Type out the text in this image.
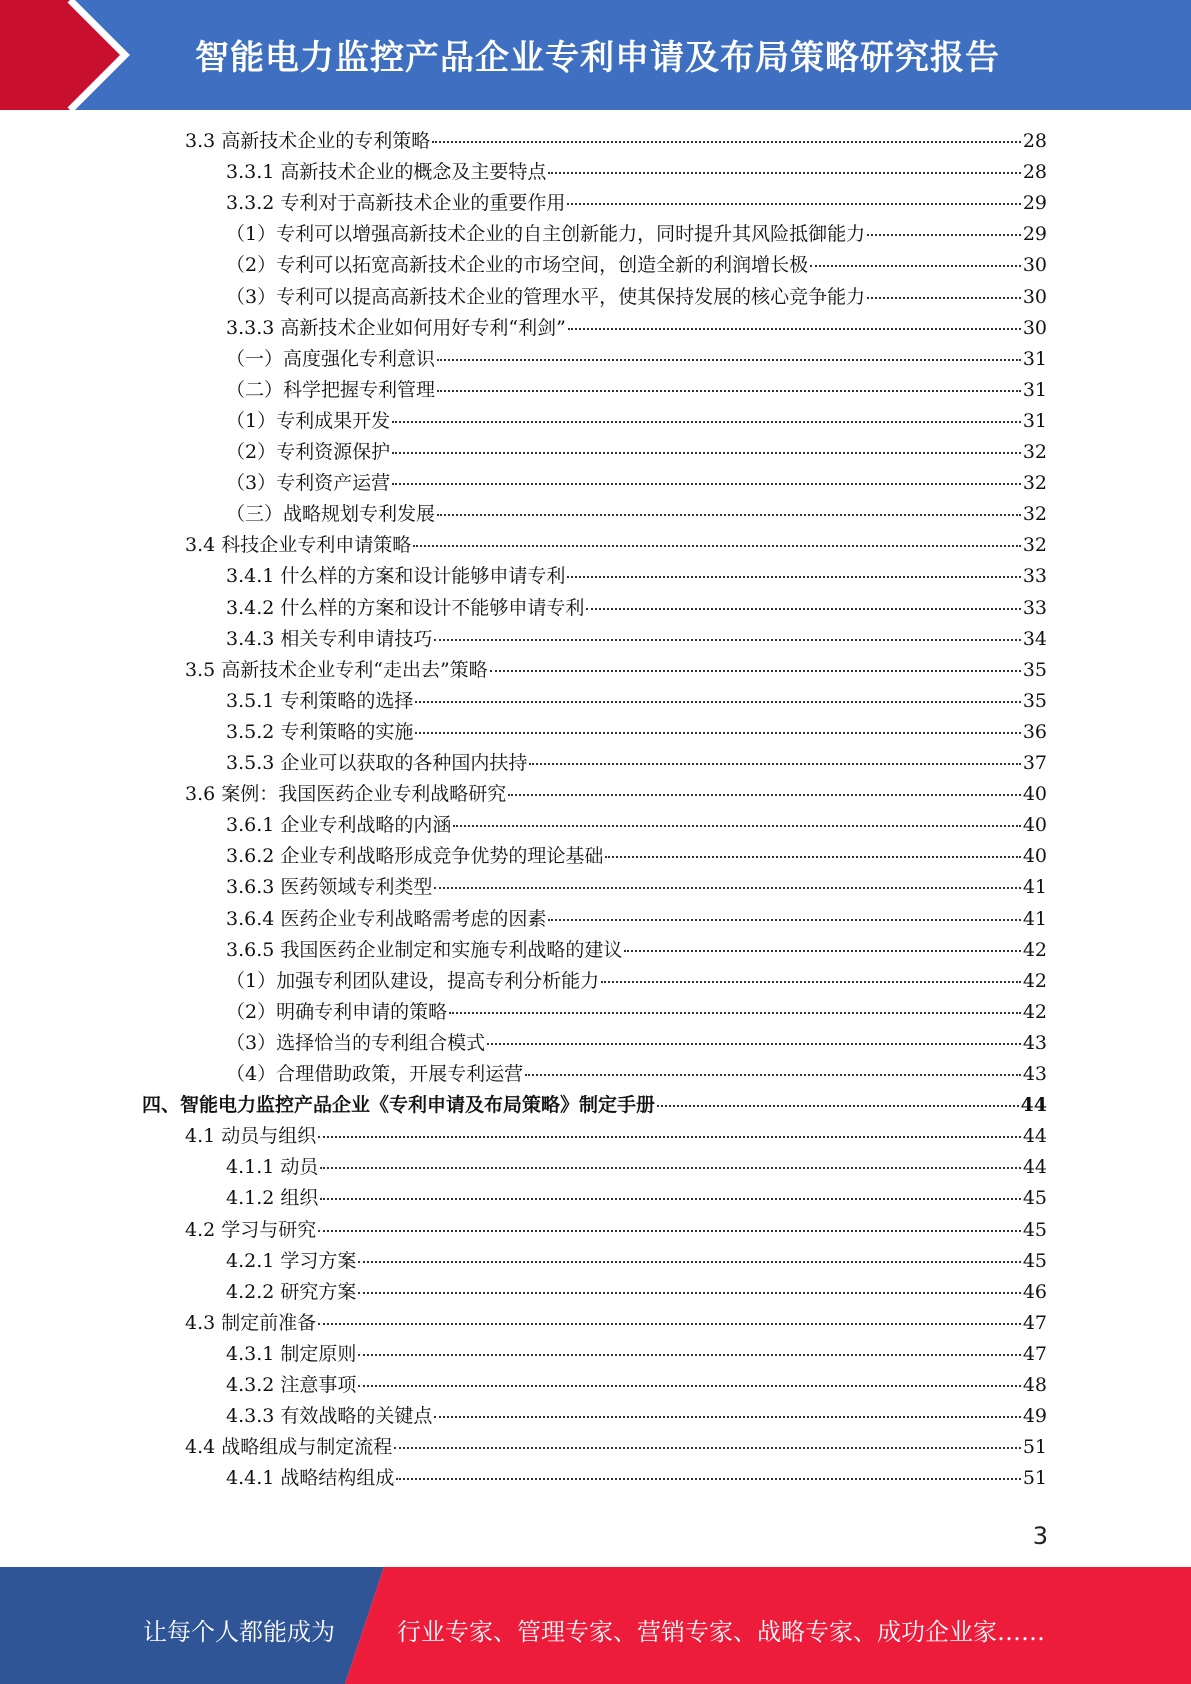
智能电力监控产品企业专利申请及布局策略研究报告
3.3 高新技术企业的专利策略	28
3.3.1 高新技术企业的概念及主要特点	28
3.3.2 专利对于高新技术企业的重要作用	29
（1）专利可以增强高新技术企业的自主创新能力，同时提升其风险抵御能力	29
（2）专利可以拓宽高新技术企业的市场空间，创造全新的利润增长极	30
（3）专利可以提高高新技术企业的管理水平，使其保持发展的核心竞争能力	30
3.3.3 高新技术企业如何用好专利“利剑”	30
（一）高度强化专利意识	31
（二）科学把握专利管理	31
（1）专利成果开发	31
（2）专利资源保护	32
（3）专利资产运营	32
（三）战略规划专利发展	32
3.4 科技企业专利申请策略	32
3.4.1 什么样的方案和设计能够申请专利	33
3.4.2 什么样的方案和设计不能够申请专利	33
3.4.3 相关专利申请技巧	34
3.5 高新技术企业专利“走出去”策略	35
3.5.1 专利策略的选择	35
3.5.2 专利策略的实施	36
3.5.3 企业可以获取的各种国内扶持	37
3.6 案例：我国医药企业专利战略研究	40
3.6.1 企业专利战略的内涵	40
3.6.2 企业专利战略形成竞争优势的理论基础	40
3.6.3 医药领域专利类型	41
3.6.4 医药企业专利战略需考虑的因素	41
3.6.5 我国医药企业制定和实施专利战略的建议	42
（1）加强专利团队建设，提高专利分析能力	42
（2）明确专利申请的策略	42
（3）选择恰当的专利组合模式	43
（4）合理借助政策，开展专利运营	43
四、智能电力监控产品企业《专利申请及布局策略》制定手册	44
4.1 动员与组织	44
4.1.1 动员	44
4.1.2 组织	45
4.2 学习与研究	45
4.2.1 学习方案	45
4.2.2 研究方案	46
4.3 制定前准备	47
4.3.1 制定原则	47
4.3.2 注意事项	48
4.3.3 有效战略的关键点	49
4.4 战略组成与制定流程	51
4.4.1 战略结构组成	51
3
让每个人都能成为	行业专家、管理专家、营销专家、战略专家、成功企业家……
